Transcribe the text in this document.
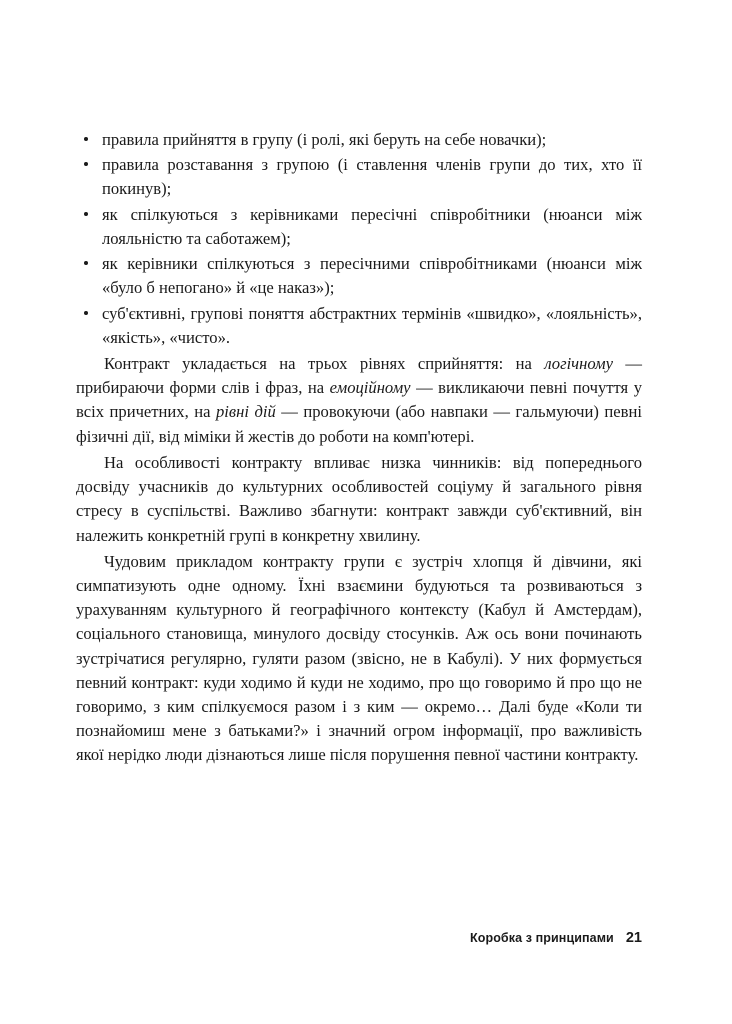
правила прийняття в групу (і ролі, які беруть на себе новачки);
правила розставання з групою (і ставлення членів групи до тих, хто її покинув);
як спілкуються з керівниками пересічні співробітники (нюанси між лояльністю та саботажем);
як керівники спілкуються з пересічними співробітниками (нюанси між «було б непогано» й «це наказ»);
суб'єктивні, групові поняття абстрактних термінів «швидко», «лояльність», «якість», «чисто».

Контракт укладається на трьох рівнях сприйняття: на логічному — прибираючи форми слів і фраз, на емоційному — викликаючи певні почуття у всіх причетних, на рівні дій — провокуючи (або навпаки — гальмуючи) певні фізичні дії, від міміки й жестів до роботи на комп'ютері.

На особливості контракту впливає низка чинників: від попереднього досвіду учасників до культурних особливостей соціуму й загального рівня стресу в суспільстві. Важливо збагнути: контракт завжди суб'єктивний, він належить конкретній групі в конкретну хвилину.

Чудовим прикладом контракту групи є зустріч хлопця й дівчини, які симпатизують одне одному. Їхні взаємини будуються та розвиваються з урахуванням культурного й географічного контексту (Кабул й Амстердам), соціального становища, минулого досвіду стосунків. Аж ось вони починають зустрічатися регулярно, гуляти разом (звісно, не в Кабулі). У них формується певний контракт: куди ходимо й куди не ходимо, про що говоримо й про що не говоримо, з ким спілкуємося разом і з ким — окремо… Далі буде «Коли ти познайомиш мене з батьками?» і значний огром інформації, про важливість якої нерідко люди дізнаються лише після порушення певної частини контракту.

Коробка з принципами 21
